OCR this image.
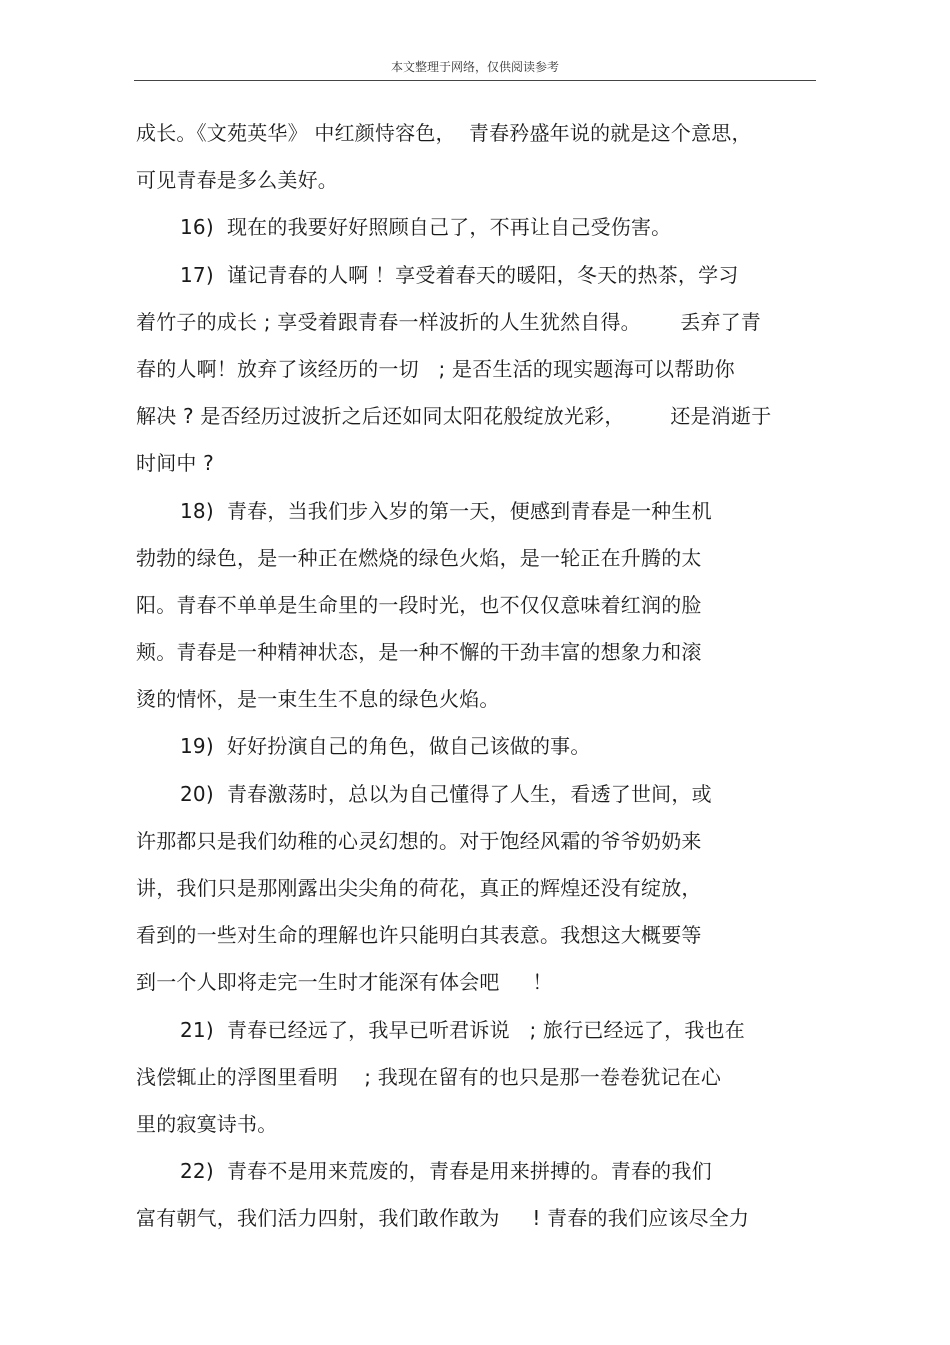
本文整理于网络，仅供阅读参考
成长。《文苑英华》 中红颜恃容色，  青春矜盛年说的就是这个意思，
可见青春是多么美好。
16)  现在的我要好好照顾自己了，不再让自己受伤害。
17)  谨记青春的人啊 ！享受着春天的暖阳，冬天的热茶，学习
着竹子的成长 ; 享受着跟青春一样波折的人生犹然自得。      丢弃了青
春的人啊！放弃了该经历的一切   ; 是否生活的现实题海可以帮助你
解决 ? 是否经历过波折之后还如同太阳花般绽放光彩，       还是消逝于
时间中 ?
18)  青春，当我们步入岁的第一天，便感到青春是一种生机
勃勃的绿色，是一种正在燃烧的绿色火焰，是一轮正在升腾的太
阳。青春不单单是生命里的一段时光，也不仅仅意味着红润的脸
颊。青春是一种精神状态，是一种不懈的干劲丰富的想象力和滚
烫的情怀，是一束生生不息的绿色火焰。
19)  好好扮演自己的角色，做自己该做的事。
20)  青春激荡时，总以为自己懂得了人生，看透了世间，或
许那都只是我们幼稚的心灵幻想的。对于饱经风霜的爷爷奶奶来
讲，我们只是那刚露出尖尖角的荷花，真正的辉煌还没有绽放，
看到的一些对生命的理解也许只能明白其表意。我想这大概要等
到一个人即将走完一生时才能深有体会吧     ！
21)  青春已经远了，我早已听君诉说   ; 旅行已经远了，我也在
浅偿辄止的浮图里看明    ; 我现在留有的也只是那一卷卷犹记在心
里的寂寞诗书。
22)  青春不是用来荒废的，青春是用来拼搏的。青春的我们
富有朝气，我们活力四射，我们敢作敢为     ! 青春的我们应该尽全力
